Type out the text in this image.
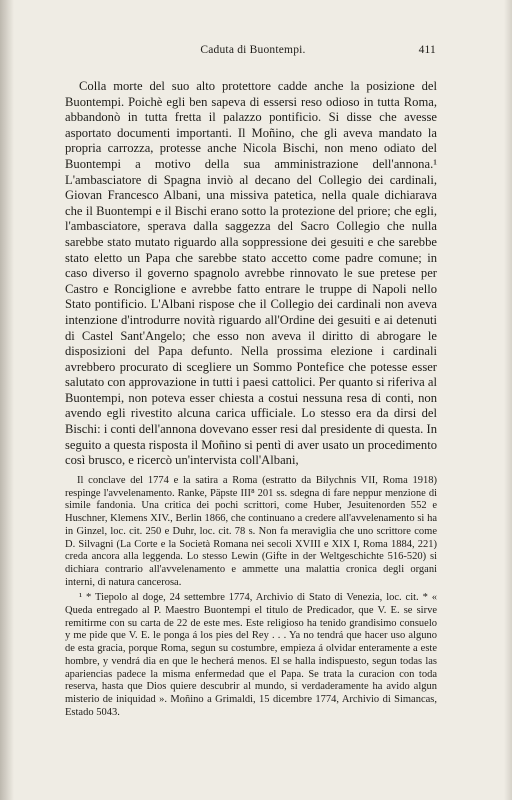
Caduta di Buontempi.	411

Colla morte del suo alto protettore cadde anche la posizione del Buontempi. Poichè egli ben sapeva di essersi reso odioso in tutta Roma, abbandonò in tutta fretta il palazzo pontificio. Si disse che avesse asportato documenti importanti. Il Moñino, che gli aveva mandato la propria carrozza, protesse anche Nicola Bischi, non meno odiato del Buontempi a motivo della sua amministrazione dell'annona.¹ L'ambasciatore di Spagna inviò al decano del Collegio dei cardinali, Giovan Francesco Albani, una missiva patetica, nella quale dichiarava che il Buontempi e il Bischi erano sotto la protezione del priore; che egli, l'ambasciatore, sperava dalla saggezza del Sacro Collegio che nulla sarebbe stato mutato riguardo alla soppressione dei gesuiti e che sarebbe stato eletto un Papa che sarebbe stato accetto come padre comune; in caso diverso il governo spagnolo avrebbe rinnovato le sue pretese per Castro e Ronciglione e avrebbe fatto entrare le truppe di Napoli nello Stato pontificio. L'Albani rispose che il Collegio dei cardinali non aveva intenzione d'introdurre novità riguardo all'Ordine dei gesuiti e ai detenuti di Castel Sant'Angelo; che esso non aveva il diritto di abrogare le disposizioni del Papa defunto. Nella prossima elezione i cardinali avrebbero procurato di scegliere un Sommo Pontefice che potesse esser salutato con approvazione in tutti i paesi cattolici. Per quanto si riferiva al Buontempi, non poteva esser chiesta a costui nessuna resa di conti, non avendo egli rivestito alcuna carica ufficiale. Lo stesso era da dirsi del Bischi: i conti dell'annona dovevano esser resi dal presidente di questa. In seguito a questa risposta il Moñino si pentì di aver usato un procedimento così brusco, e ricercò un'intervista coll'Albani,

Il conclave del 1774 e la satira a Roma (estratto da Bilychnis VII, Roma 1918) respinge l'avvelenamento. Ranke, Päpste III⁸ 201 ss. sdegna di fare neppur menzione di simile fandonia. Una critica dei pochi scrittori, come Huber, Jesuitenorden 552 e Huschner, Klemens XIV., Berlin 1866, che continuano a credere all'avvelenamento si ha in Ginzel, loc. cit. 250 e Duhr, loc. cit. 78 s. Non fa meraviglia che uno scrittore come D. Silvagni (La Corte e la Società Romana nei secoli XVIII e XIX I, Roma 1884, 221) creda ancora alla leggenda. Lo stesso Lewin (Gifte in der Weltgeschichte 516-520) si dichiara contrario all'avvelenamento e ammette una malattia cronica degli organi interni, di natura cancerosa.

¹ * Tiepolo al doge, 24 settembre 1774, Archivio di Stato di Venezia, loc. cit. * « Queda entregado al P. Maestro Buontempi el titulo de Predicador, que V. E. se sirve remitirme con su carta de 22 de este mes. Este religioso ha tenido grandisimo consuelo y me pide que V. E. le ponga á los pies del Rey . . . Ya no tendrá que hacer uso alguno de esta gracia, porque Roma, segun su costumbre, empieza á olvidar enteramente a este hombre, y vendrá dia en que le hecherá menos. El se halla indispuesto, segun todas las apariencias padece la misma enfermedad que el Papa. Se trata la curacion con toda reserva, hasta que Dios quiere descubrir al mundo, si verdaderamente ha avido algun misterio de iniquidad ». Moñino a Grimaldi, 15 dicembre 1774, Archivio di Simancas, Estado 5043.
